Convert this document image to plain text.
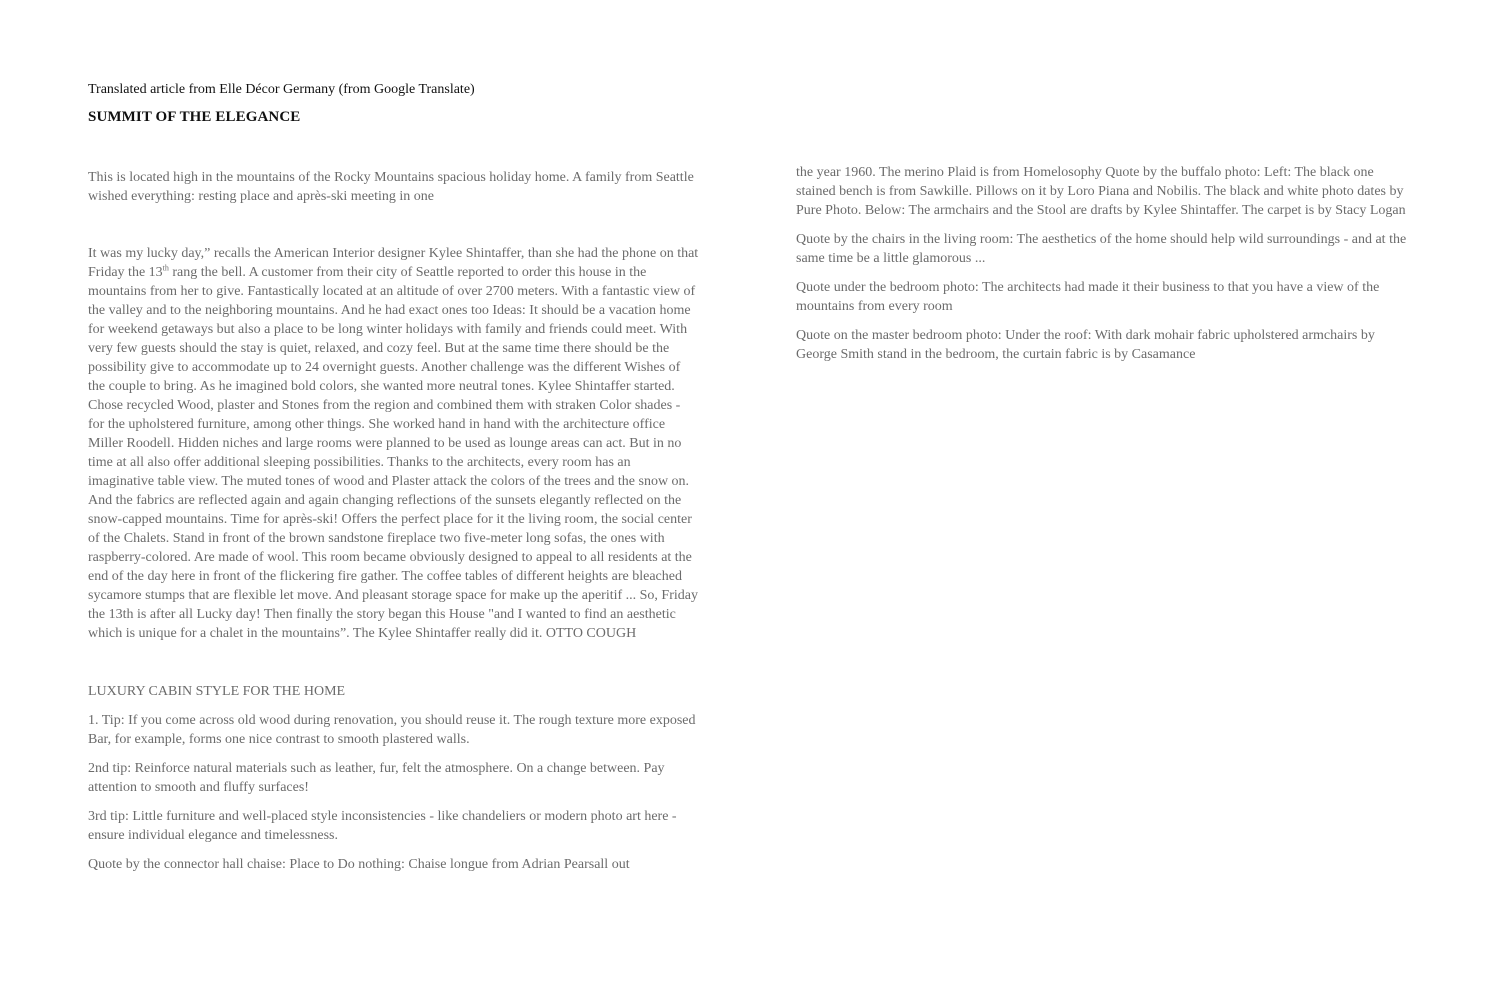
Translated article from Elle Décor Germany (from Google Translate)

SUMMIT OF THE ELEGANCE

This is located high in the mountains of the Rocky Mountains spacious holiday home. A family from Seattle wished everything: resting place and après-ski meeting in one

It was my lucky day,” recalls the American Interior designer Kylee Shintaffer, than she had the phone on that Friday the 13th rang the bell. A customer from their city of Seattle reported to order this house in the mountains from her to give. Fantastically located at an altitude of over 2700 meters. With a fantastic view of the valley and to the neighboring mountains. And he had exact ones too Ideas: It should be a vacation home for weekend getaways but also a place to be long winter holidays with family and friends could meet. With very few guests should the stay is quiet, relaxed, and cozy feel. But at the same time there should be the possibility give to accommodate up to 24 overnight guests. Another challenge was the different Wishes of the couple to bring. As he imagined bold colors, she wanted more neutral tones. Kylee Shintaffer started. Chose recycled Wood, plaster and Stones from the region and combined them with straken Color shades - for the upholstered furniture, among other things. She worked hand in hand with the architecture office Miller Roodell. Hidden niches and large rooms were planned to be used as lounge areas can act. But in no time at all also offer additional sleeping possibilities. Thanks to the architects, every room has an imaginative table view. The muted tones of wood and Plaster attack the colors of the trees and the snow on. And the fabrics are reflected again and again changing reflections of the sunsets elegantly reflected on the snow-capped mountains. Time for après-ski! Offers the perfect place for it the living room, the social center of the Chalets. Stand in front of the brown sandstone fireplace two five-meter long sofas, the ones with raspberry-colored. Are made of wool. This room became obviously designed to appeal to all residents at the end of the day here in front of the flickering fire gather. The coffee tables of different heights are bleached sycamore stumps that are flexible let move. And pleasant storage space for make up the aperitif ... So, Friday the 13th is after all Lucky day! Then finally the story began this House "and I wanted to find an aesthetic which is unique for a chalet in the mountains”. The Kylee Shintaffer really did it. OTTO COUGH

LUXURY CABIN STYLE FOR THE HOME

1. Tip: If you come across old wood during renovation, you should reuse it. The rough texture more exposed Bar, for example, forms one nice contrast to smooth plastered walls.

2nd tip: Reinforce natural materials such as leather, fur, felt the atmosphere. On a change between. Pay attention to smooth and fluffy surfaces!

3rd tip: Little furniture and well-placed style inconsistencies - like chandeliers or modern photo art here -ensure individual elegance and timelessness.

Quote by the connector hall chaise: Place to Do nothing: Chaise longue from Adrian Pearsall out

the year 1960. The merino Plaid is from Homelosophy Quote by the buffalo photo: Left: The black one stained bench is from Sawkille. Pillows on it by Loro Piana and Nobilis. The black and white photo dates by Pure Photo. Below: The armchairs and the Stool are drafts by Kylee Shintaffer. The carpet is by Stacy Logan

Quote by the chairs in the living room: The aesthetics of the home should help wild surroundings - and at the same time be a little glamorous ...

Quote under the bedroom photo: The architects had made it their business to that you have a view of the mountains from every room

Quote on the master bedroom photo: Under the roof: With dark mohair fabric upholstered armchairs by George Smith stand in the bedroom, the curtain fabric is by Casamance
